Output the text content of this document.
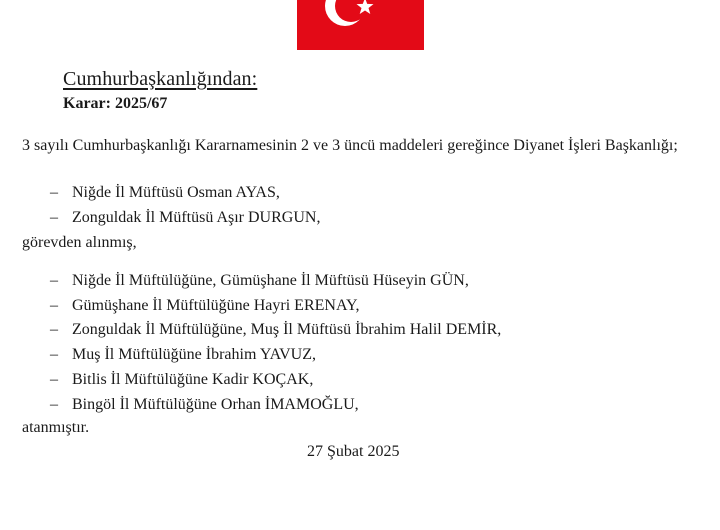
Cumhurbaşkanlığından:
Karar: 2025/67
3 sayılı Cumhurbaşkanlığı Kararnamesinin 2 ve 3 üncü maddeleri gereğince Diyanet İşleri Başkanlığı;
– Niğde İl Müftüsü Osman AYAS,
– Zonguldak İl Müftüsü Aşır DURGUN,
görevden alınmış,
– Niğde İl Müftülüğüne, Gümüşhane İl Müftüsü Hüseyin GÜN,
– Gümüşhane İl Müftülüğüne Hayri ERENAY,
– Zonguldak İl Müftülüğüne, Muş İl Müftüsü İbrahim Halil DEMİR,
– Muş İl Müftülüğüne İbrahim YAVUZ,
– Bitlis İl Müftülüğüne Kadir KOÇAK,
– Bingöl İl Müftülüğüne Orhan İMAMOĞLU,
atanmıştır.
27 Şubat 2025
